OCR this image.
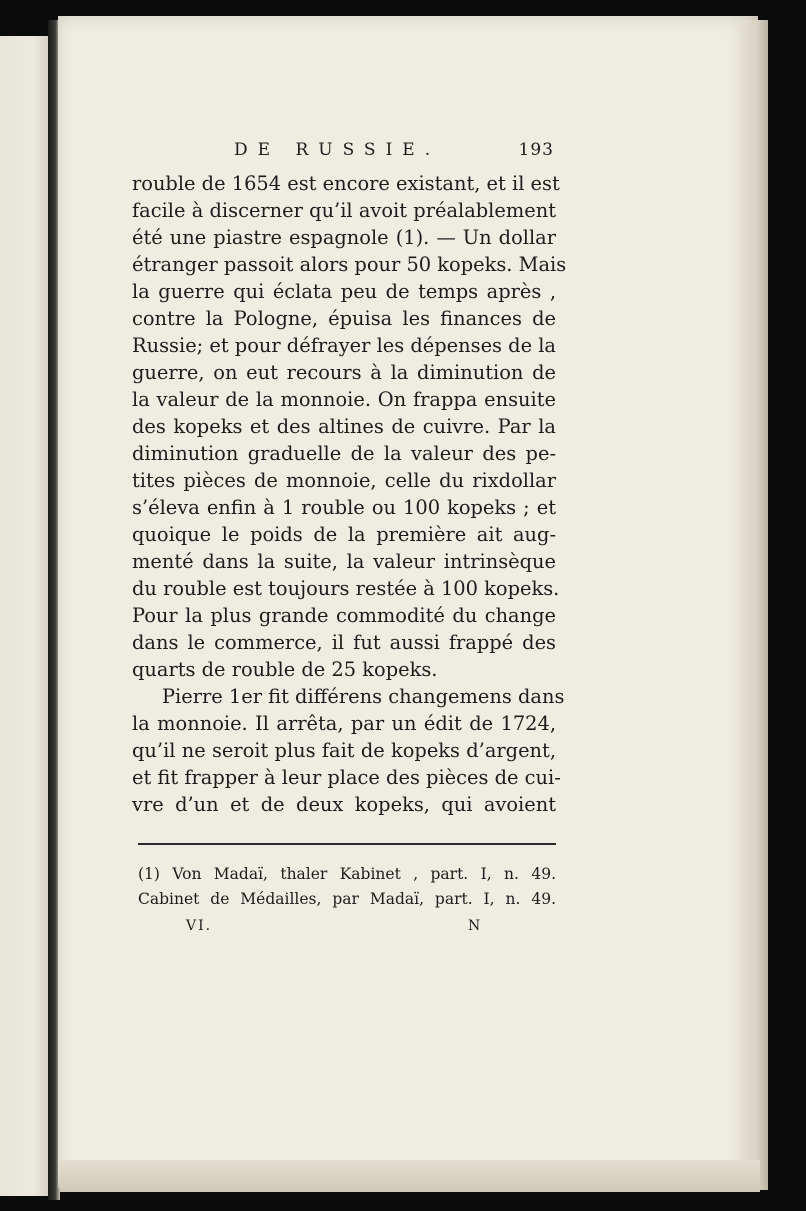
DE RUSSIE.	193
rouble de 1654 est encore existant, et il est
facile à discerner qu’il avoit préalablement
été une piastre espagnole (1). — Un dollar
étranger passoit alors pour 50 kopeks. Mais
la guerre qui éclata peu de temps après ,
contre la Pologne, épuisa les finances de
Russie; et pour défrayer les dépenses de la
guerre, on eut recours à la diminution de
la valeur de la monnoie. On frappa ensuite
des kopeks et des altines de cuivre. Par la
diminution graduelle de la valeur des pe-
tites pièces de monnoie, celle du rixdollar
s’éleva enfin à 1 rouble ou 100 kopeks ; et
quoique le poids de la première ait aug-
menté dans la suite, la valeur intrinsèque
du rouble est toujours restée à 100 kopeks.
Pour la plus grande commodité du change
dans le commerce, il fut aussi frappé des
quarts de rouble de 25 kopeks.
Pierre 1er fit différens changemens dans
la monnoie. Il arrêta, par un édit de 1724,
qu’il ne seroit plus fait de kopeks d’argent,
et fit frapper à leur place des pièces de cui-
vre d’un et de deux kopeks, qui avoient
(1) Von Madaï, thaler Kabinet , part. I, n. 49.
Cabinet de Médailles, par Madaï, part. I, n. 49.
VI.	N
